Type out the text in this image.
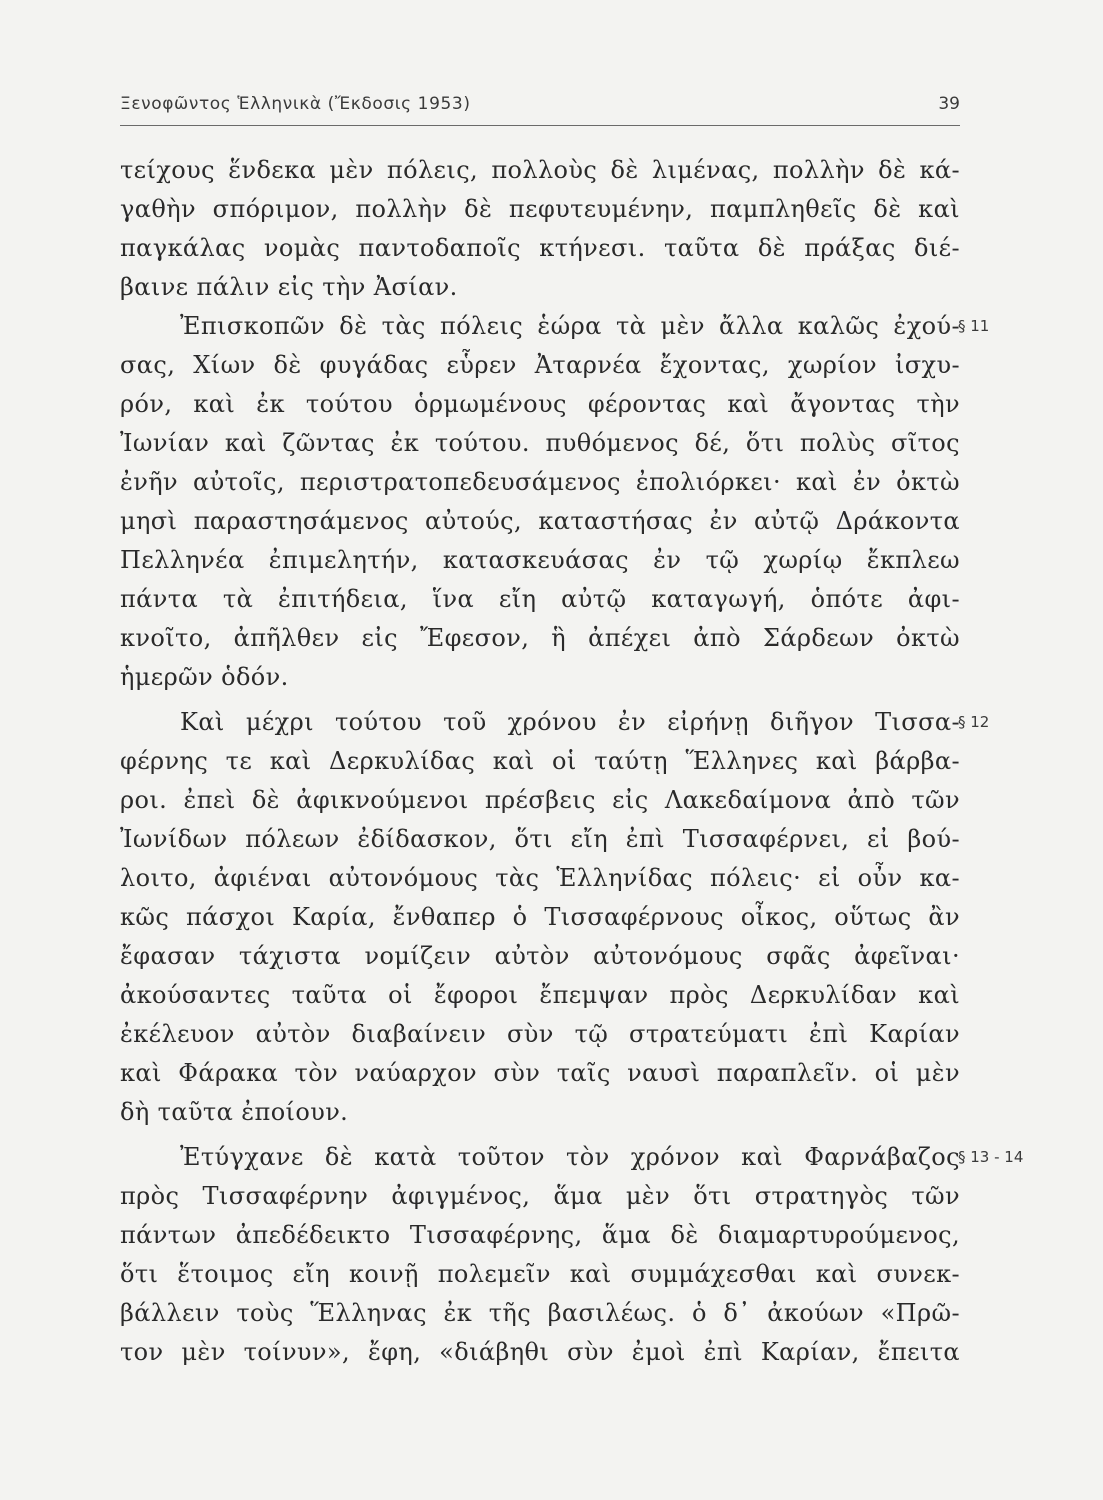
Ξενοφῶντος Ἑλληνικὰ (Ἔκδοσις 1953)	39
τείχους ἕνδεκα μὲν πόλεις, πολλοὺς δὲ λιμένας, πολλὴν δὲ κά-
γαθὴν σπόριμον, πολλὴν δὲ πεφυτευμένην, παμπληθεῖς δὲ καὶ
παγκάλας νομὰς παντοδαποῖς κτήνεσι. ταῦτα δὲ πράξας διέ-
βαινε πάλιν εἰς τὴν Ἀσίαν.
Ἐπισκοπῶν δὲ τὰς πόλεις ἑώρα τὰ μὲν ἄλλα καλῶς ἐχού-
σας, Χίων δὲ φυγάδας εὗρεν Ἀταρνέα ἔχοντας, χωρίον ἰσχυ-
ρόν, καὶ ἐκ τούτου ὁρμωμένους φέροντας καὶ ἄγοντας τὴν
Ἰωνίαν καὶ ζῶντας ἐκ τούτου. πυθόμενος δέ, ὅτι πολὺς σῖτος
ἐνῆν αὐτοῖς, περιστρατοπεδευσάμενος ἐπολιόρκει· καὶ ἐν ὀκτὼ
μησὶ παραστησάμενος αὐτούς, καταστήσας ἐν αὐτῷ Δράκοντα
Πελληνέα ἐπιμελητήν, κατασκευάσας ἐν τῷ χωρίῳ ἔκπλεω
πάντα τὰ ἐπιτήδεια, ἵνα εἴη αὐτῷ καταγωγή, ὁπότε ἀφι-
κνοῖτο, ἀπῆλθεν εἰς Ἔφεσον, ἣ ἀπέχει ἀπὸ Σάρδεων ὀκτὼ
ἡμερῶν ὁδόν.
Καὶ μέχρι τούτου τοῦ χρόνου ἐν εἰρήνῃ διῆγον Τισσα-
φέρνης τε καὶ Δερκυλίδας καὶ οἱ ταύτῃ Ἕλληνες καὶ βάρβα-
ροι. ἐπεὶ δὲ ἀφικνούμενοι πρέσβεις εἰς Λακεδαίμονα ἀπὸ τῶν
Ἰωνίδων πόλεων ἐδίδασκον, ὅτι εἴη ἐπὶ Τισσαφέρνει, εἰ βού-
λοιτο, ἀφιέναι αὐτονόμους τὰς Ἑλληνίδας πόλεις· εἰ οὖν κα-
κῶς πάσχοι Καρία, ἔνθαπερ ὁ Τισσαφέρνους οἶκος, οὕτως ἂν
ἔφασαν τάχιστα νομίζειν αὐτὸν αὐτονόμους σφᾶς ἀφεῖναι·
ἀκούσαντες ταῦτα οἱ ἔφοροι ἔπεμψαν πρὸς Δερκυλίδαν καὶ
ἐκέλευον αὐτὸν διαβαίνειν σὺν τῷ στρατεύματι ἐπὶ Καρίαν
καὶ Φάρακα τὸν ναύαρχον σὺν ταῖς ναυσὶ παραπλεῖν. οἱ μὲν
δὴ ταῦτα ἐποίουν.
Ἐτύγχανε δὲ κατὰ τοῦτον τὸν χρόνον καὶ Φαρνάβαζος
πρὸς Τισσαφέρνην ἀφιγμένος, ἅμα μὲν ὅτι στρατηγὸς τῶν
πάντων ἀπεδέδεικτο Τισσαφέρνης, ἅμα δὲ διαμαρτυρούμενος,
ὅτι ἕτοιμος εἴη κοινῇ πολεμεῖν καὶ συμμάχεσθαι καὶ συνεκ-
βάλλειν τοὺς Ἕλληνας ἐκ τῆς βασιλέως. ὁ δ᾽ ἀκούων «Πρῶ-
τον μὲν τοίνυν», ἔφη, «διάβηθι σὺν ἐμοὶ ἐπὶ Καρίαν, ἔπειτα
§ 11
§ 12
§ 13 - 14
